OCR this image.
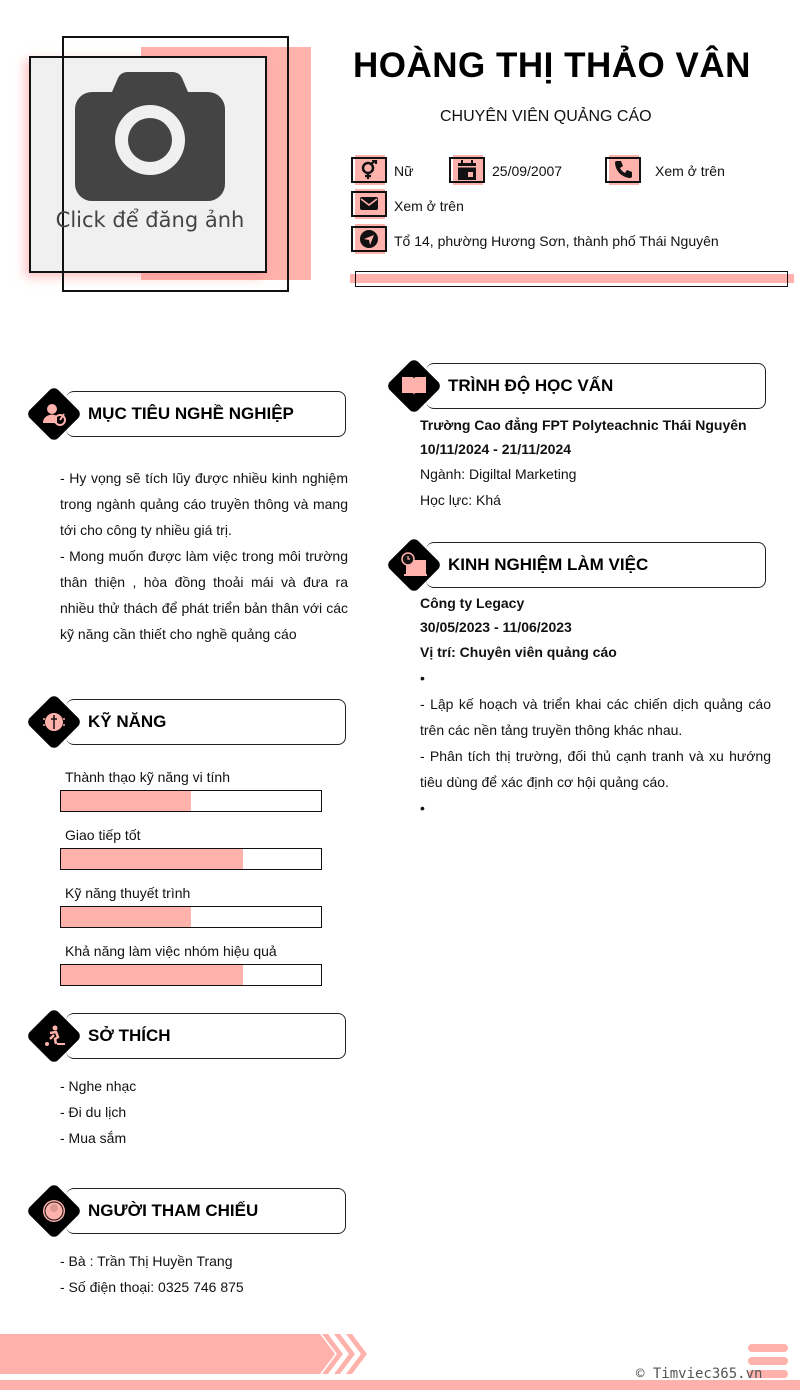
Click để đăng ảnh
HOÀNG THỊ THẢO VÂN
CHUYÊN VIÊN QUẢNG CÁO
Nữ	25/09/2007	Xem ở trên
Xem ở trên
Tổ 14, phường Hương Sơn, thành phố Thái Nguyên
MỤC TIÊU NGHỀ NGHIỆP
- Hy vọng sẽ tích lũy được nhiều kinh nghiệm trong ngành quảng cáo truyền thông và mang tới cho công ty nhiều giá trị.
- Mong muốn được làm việc trong môi trường thân thiện , hòa đồng thoải mái và đưa ra nhiều thử thách để phát triển bản thân với các kỹ năng cần thiết cho nghề quảng cáo
KỸ NĂNG
Thành thạo kỹ năng vi tính
Giao tiếp tốt
Kỹ năng thuyết trình
Khả năng làm việc nhóm hiệu quả
SỞ THÍCH
- Nghe nhạc
- Đi du lịch
- Mua sắm
NGƯỜI THAM CHIẾU
- Bà : Trần Thị Huyền Trang
- Số điện thoại: 0325 746 875
TRÌNH ĐỘ HỌC VẤN
Trường Cao đẳng FPT Polyteachnic Thái Nguyên
10/11/2024 - 21/11/2024
Ngành: Digiltal Marketing
Học lực: Khá
KINH NGHIỆM LÀM VIỆC
Công ty Legacy
30/05/2023 - 11/06/2023
Vị trí: Chuyên viên quảng cáo
•
- Lập kế hoạch và triển khai các chiến dịch quảng cáo trên các nền tảng truyền thông khác nhau.
- Phân tích thị trường, đối thủ cạnh tranh và xu hướng tiêu dùng để xác định cơ hội quảng cáo.
•
© Timviec365.vn
